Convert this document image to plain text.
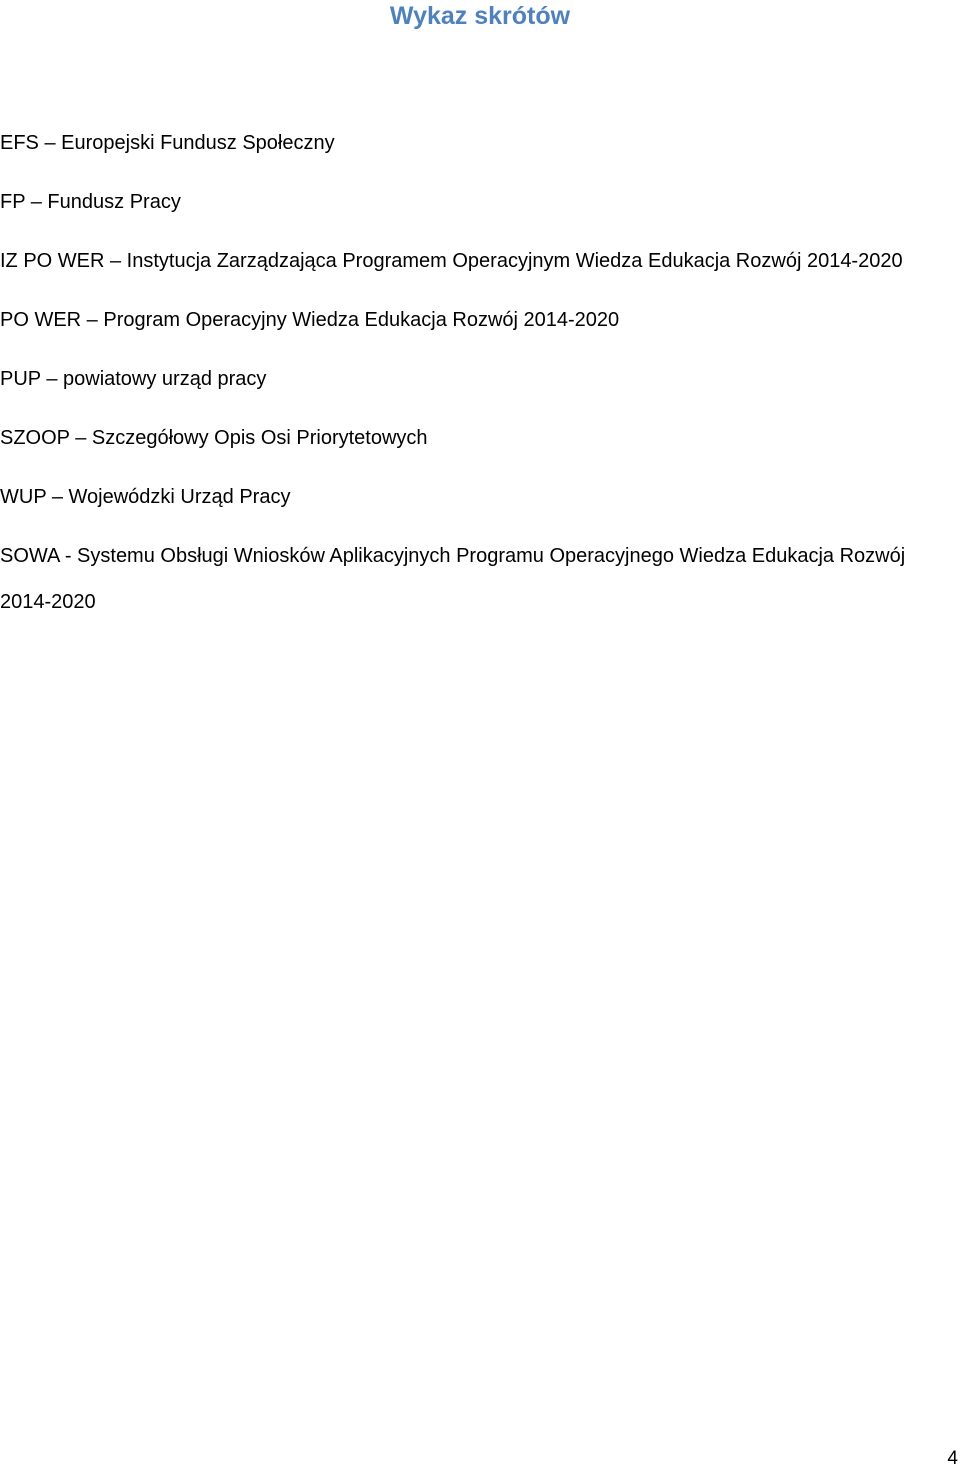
Wykaz skrótów
EFS – Europejski Fundusz Społeczny
FP – Fundusz Pracy
IZ PO WER – Instytucja Zarządzająca Programem Operacyjnym Wiedza Edukacja Rozwój 2014-2020
PO WER – Program Operacyjny Wiedza Edukacja Rozwój 2014-2020
PUP – powiatowy urząd pracy
SZOOP – Szczegółowy Opis Osi Priorytetowych
WUP – Wojewódzki Urząd Pracy
SOWA - Systemu Obsługi Wniosków Aplikacyjnych Programu Operacyjnego Wiedza Edukacja Rozwój 2014-2020
4
